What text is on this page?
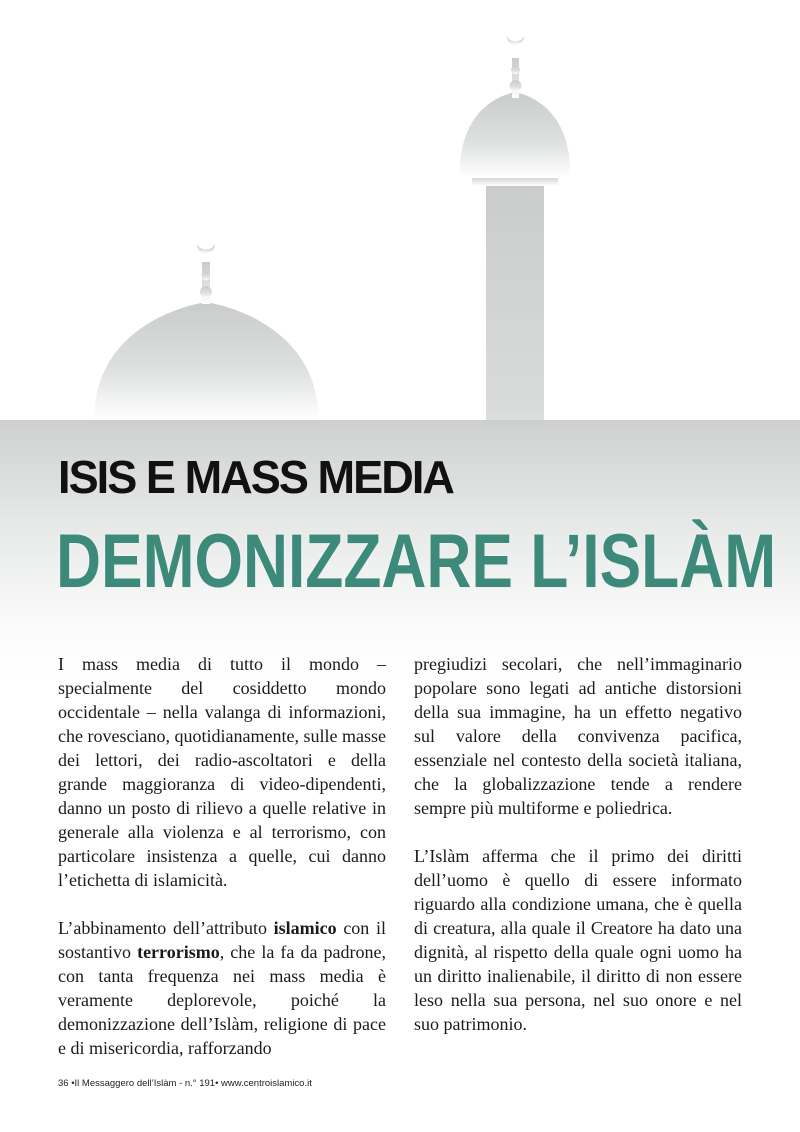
ISIS E MASS MEDIA
DEMONIZZARE L’ISLÀM

I mass media di tutto il mondo – specialmente del cosiddetto mondo occidentale – nella valanga di informazioni, che rovesciano, quotidianamente, sulle masse dei lettori, dei radio-ascoltatori e della grande maggioranza di video-dipendenti, danno un posto di rilievo a quelle relative in generale alla violenza e al terrorismo, con particolare insistenza a quelle, cui danno l’etichetta di islamicità.

L’abbinamento dell’attributo islamico con il sostantivo terrorismo, che la fa da padrone, con tanta frequenza nei mass media è veramente deplorevole, poiché la demonizzazione dell’Islàm, religione di pace e di misericordia, rafforzando

pregiudizi secolari, che nell’immaginario popolare sono legati ad antiche distorsioni della sua immagine, ha un effetto negativo sul valore della convivenza pacifica, essenziale nel contesto della società italiana, che la globalizzazione tende a rendere sempre più multiforme e poliedrica.

L’Islàm afferma che il primo dei diritti dell’uomo è quello di essere informato riguardo alla condizione umana, che è quella di creatura, alla quale il Creatore ha dato una dignità, al rispetto della quale ogni uomo ha un diritto inalienabile, il diritto di non essere leso nella sua persona, nel suo onore e nel suo patrimonio.

36 •Il Messaggero dell’Islàm - n.° 191• www.centroislamico.it
